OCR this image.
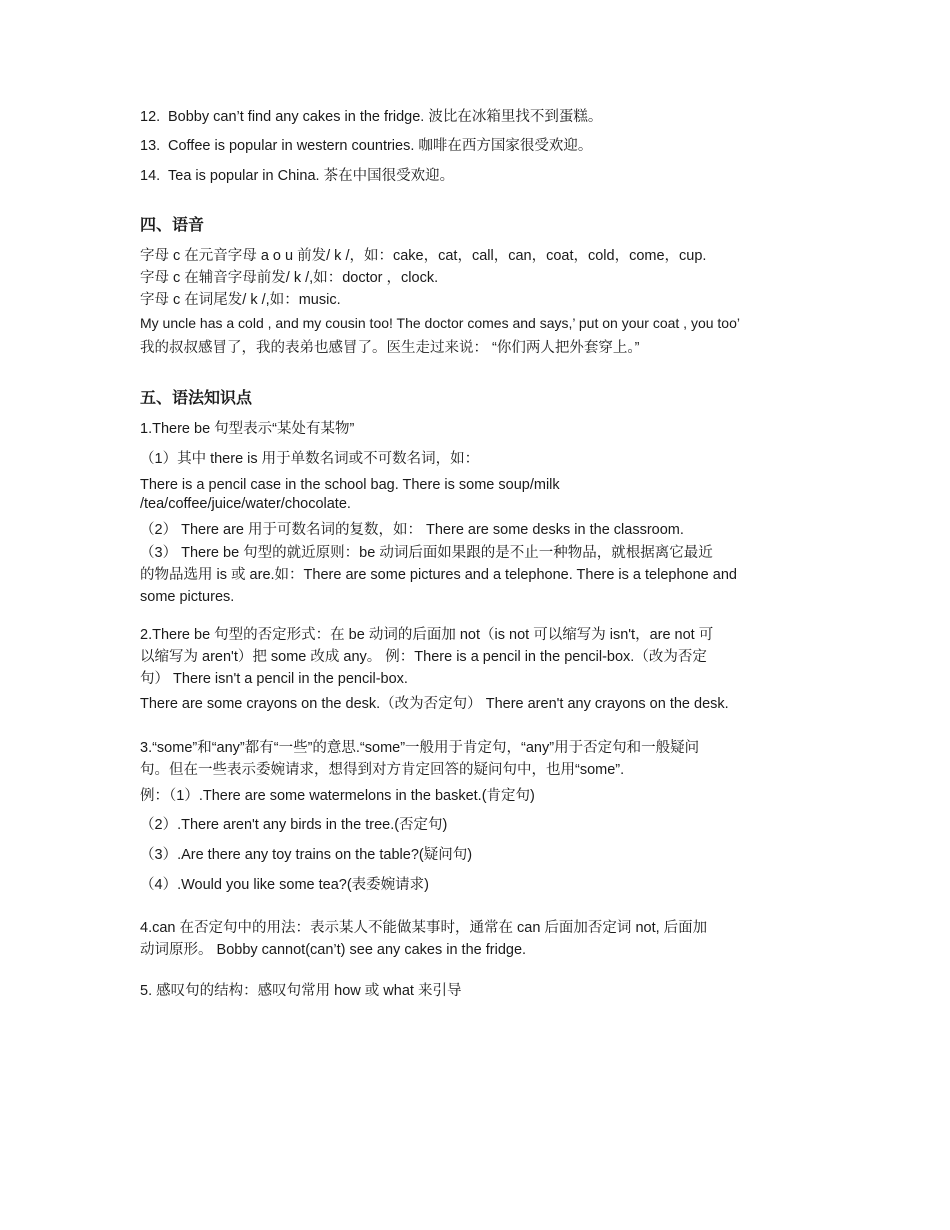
12. Bobby can’t find any cakes in the fridge. 波比在冰箱里找不到蛋糕。
13. Coffee is popular in western countries. 咖啡在西方国家很受欢迎。
14. Tea is popular in China. 茶在中国很受欢迎。
四、语音
字母 c 在元音字母 a o u 前发/ k /，如：cake，cat，call，can，coat，cold，come，cup.
字母 c 在辅音字母前发/ k /,如：doctor ，clock.
字母 c 在词尾发/ k /,如：music.
My uncle has a cold , and my cousin too! The doctor comes and says,’ put on your coat , you too’
我的叔叔感冒了，我的表弟也感冒了。医生走过来说： “你们两人把外套穿上。”
五、语法知识点
1.There be 句型表示“某处有某物”
（1）其中 there is 用于单数名词或不可数名词，如：
There is a pencil case in the school bag. There is some soup/milk
/tea/coffee/juice/water/chocolate.
（2） There are 用于可数名词的复数，如： There are some desks in the classroom.
（3） There be 句型的就近原则：be 动词后面如果跟的是不止一种物品，就根据离它最近
的物品选用 is 或 are.如：There are some pictures and a telephone. There is a telephone and
some pictures.
2.There be 句型的否定形式：在 be 动词的后面加 not（is not 可以缩写为 isn't，are not 可
以缩写为 aren't）把 some 改成 any。 例：There is a pencil in the pencil-box.（改为否定
句） There isn't a pencil in the pencil-box.
There are some crayons on the desk.（改为否定句） There aren't any crayons on the desk.
3.“some”和“any”都有“一些”的意思.“some”一般用于肯定句，“any”用于否定句和一般疑问
句。但在一些表示委婉请求，想得到对方肯定回答的疑问句中，也用“some”.
例：（1）.There are some watermelons in the basket.(肯定句)
（2）.There aren't any birds in the tree.(否定句)
（3）.Are there any toy trains on the table?(疑问句)
（4）.Would you like some tea?(表委婉请求)
4.can 在否定句中的用法：表示某人不能做某事时，通常在 can 后面加否定词 not, 后面加
动词原形。 Bobby cannot(can’t) see any cakes in the fridge.
5. 感叹句的结构：感叹句常用 how 或 what 来引导
